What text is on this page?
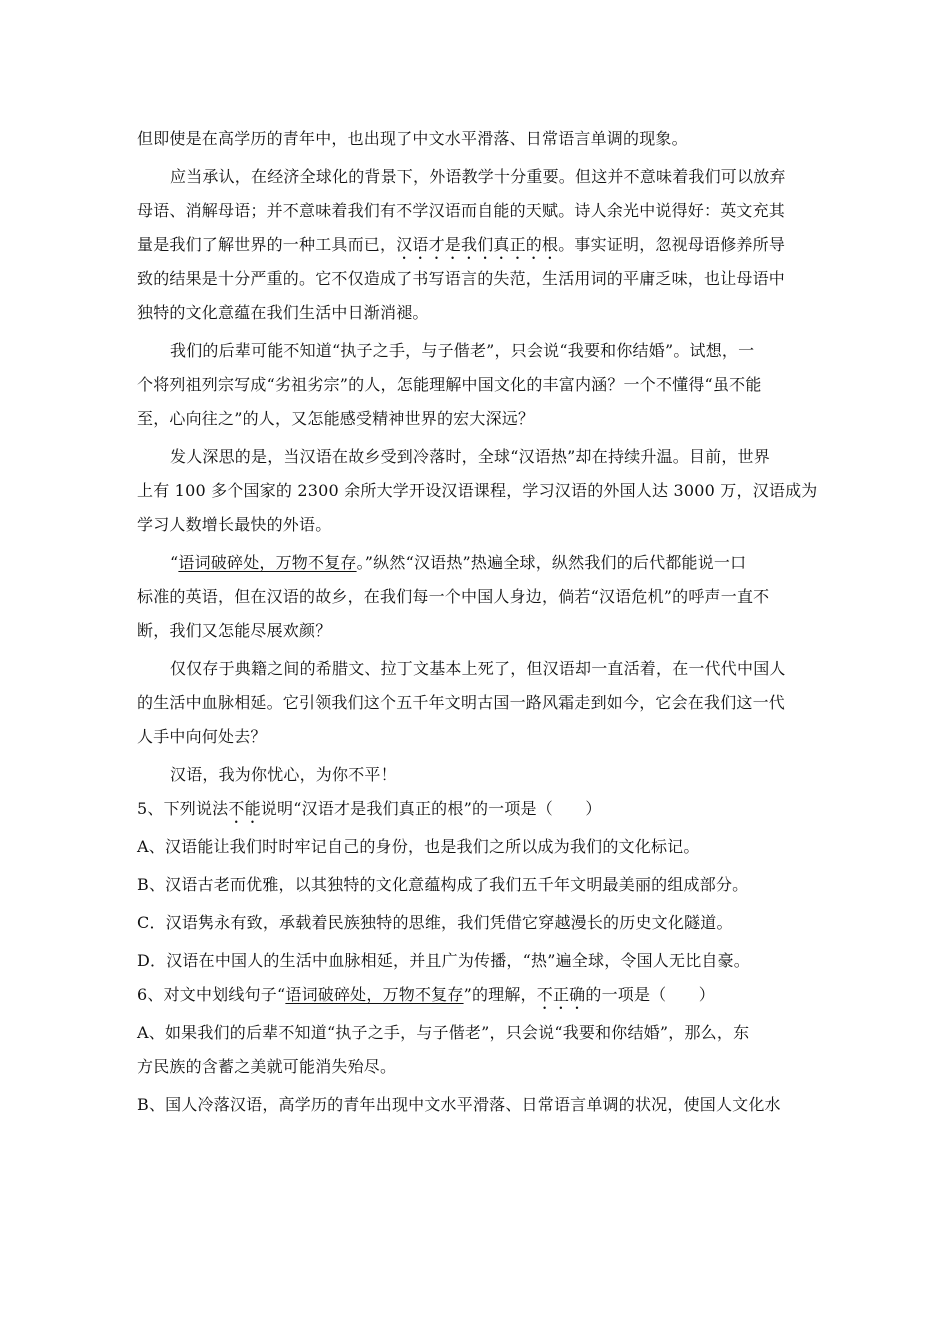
但即使是在高学历的青年中，也出现了中文水平滑落、日常语言单调的现象。
应当承认，在经济全球化的背景下，外语教学十分重要。但这并不意味着我们可以放弃
母语、消解母语；并不意味着我们有不学汉语而自能的天赋。诗人余光中说得好：英文充其
量是我们了解世界的一种工具而已，汉语才是我们真正的根。事实证明，忽视母语修养所导
致的结果是十分严重的。它不仅造成了书写语言的失范，生活用词的平庸乏味，也让母语中
独特的文化意蕴在我们生活中日渐消褪。
我们的后辈可能不知道“执子之手，与子偕老”，只会说“我要和你结婚”。试想，一
个将列祖列宗写成“劣祖劣宗”的人，怎能理解中国文化的丰富内涵？一个不懂得“虽不能
至，心向往之”的人，又怎能感受精神世界的宏大深远？
发人深思的是，当汉语在故乡受到冷落时，全球“汉语热”却在持续升温。目前，世界
上有 100 多个国家的 2300 余所大学开设汉语课程，学习汉语的外国人达 3000 万，汉语成为
学习人数增长最快的外语。
“语词破碎处，万物不复存。”纵然“汉语热”热遍全球，纵然我们的后代都能说一口
标准的英语，但在汉语的故乡，在我们每一个中国人身边，倘若“汉语危机”的呼声一直不
断，我们又怎能尽展欢颜？
仅仅存于典籍之间的希腊文、拉丁文基本上死了，但汉语却一直活着，在一代代中国人
的生活中血脉相延。它引领我们这个五千年文明古国一路风霜走到如今，它会在我们这一代
人手中向何处去？
汉语，我为你忧心，为你不平！
5、下列说法不能说明“汉语才是我们真正的根”的一项是（　　）
A、汉语能让我们时时牢记自己的身份，也是我们之所以成为我们的文化标记。
B、汉语古老而优雅，以其独特的文化意蕴构成了我们五千年文明最美丽的组成部分。
C．汉语隽永有致，承载着民族独特的思维，我们凭借它穿越漫长的历史文化隧道。
D．汉语在中国人的生活中血脉相延，并且广为传播，“热”遍全球，令国人无比自豪。
6、对文中划线句子“语词破碎处，万物不复存”的理解，不正确的一项是（　　）
A、如果我们的后辈不知道“执子之手，与子偕老”，只会说“我要和你结婚”，那么，东
方民族的含蓄之美就可能消失殆尽。
B、国人冷落汉语，高学历的青年出现中文水平滑落、日常语言单调的状况，使国人文化水
